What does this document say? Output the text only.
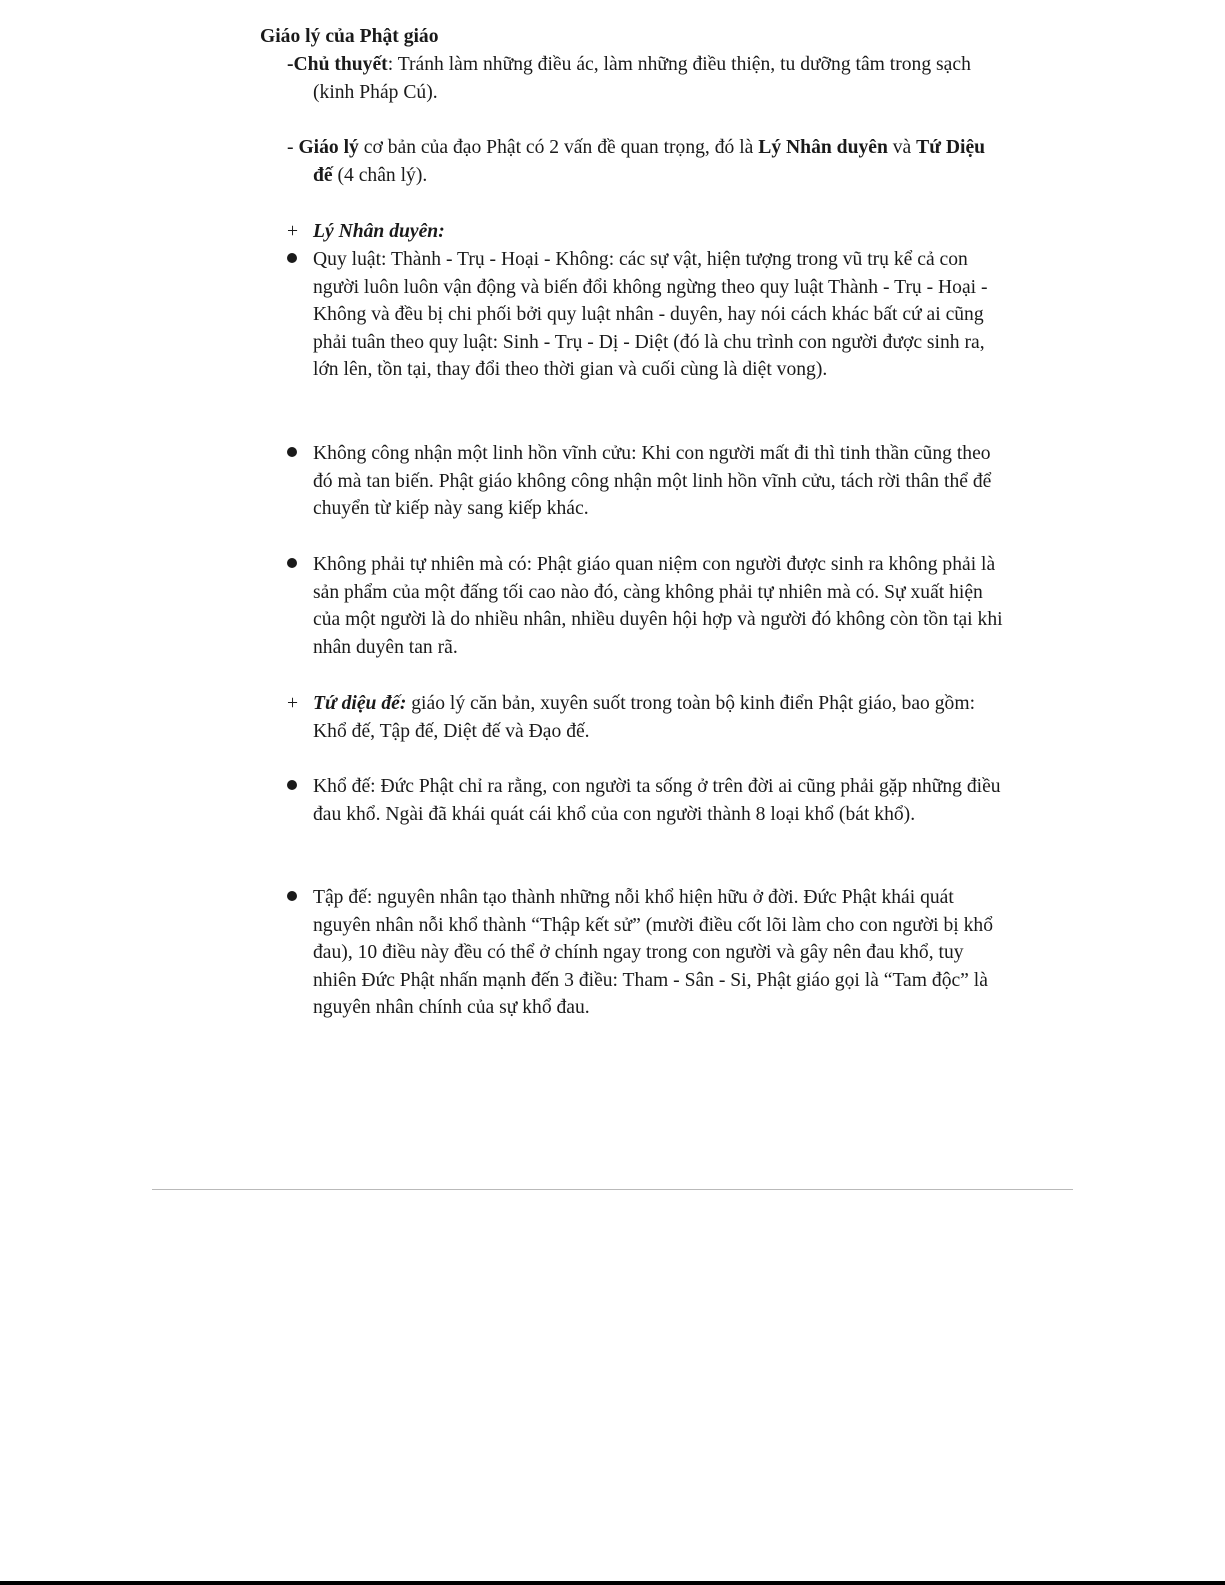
Giáo lý của Phật giáo
-Chủ thuyết: Tránh làm những điều ác, làm những điều thiện, tu dưỡng tâm trong sạch (kinh Pháp Cú).
- Giáo lý cơ bản của đạo Phật có 2 vấn đề quan trọng, đó là Lý Nhân duyên và Tứ Diệu đế (4 chân lý).
+ Lý Nhân duyên:
Quy luật: Thành - Trụ - Hoại - Không: các sự vật, hiện tượng trong vũ trụ kể cả con người luôn luôn vận động và biến đổi không ngừng theo quy luật Thành - Trụ - Hoại - Không và đều bị chi phối bởi quy luật nhân - duyên, hay nói cách khác bất cứ ai cũng phải tuân theo quy luật: Sinh - Trụ - Dị - Diệt (đó là chu trình con người được sinh ra, lớn lên, tồn tại, thay đổi theo thời gian và cuối cùng là diệt vong).
Không công nhận một linh hồn vĩnh cửu: Khi con người mất đi thì tinh thần cũng theo đó mà tan biến. Phật giáo không công nhận một linh hồn vĩnh cửu, tách rời thân thể để chuyển từ kiếp này sang kiếp khác.
Không phải tự nhiên mà có: Phật giáo quan niệm con người được sinh ra không phải là sản phẩm của một đấng tối cao nào đó, càng không phải tự nhiên mà có. Sự xuất hiện của một người là do nhiều nhân, nhiều duyên hội hợp và người đó không còn tồn tại khi nhân duyên tan rã.
+ Tứ diệu đế: giáo lý căn bản, xuyên suốt trong toàn bộ kinh điển Phật giáo, bao gồm: Khổ đế, Tập đế, Diệt đế và Đạo đế.
Khổ đế: Đức Phật chỉ ra rằng, con người ta sống ở trên đời ai cũng phải gặp những điều đau khổ. Ngài đã khái quát cái khổ của con người thành 8 loại khổ (bát khổ).
Tập đế: nguyên nhân tạo thành những nỗi khổ hiện hữu ở đời. Đức Phật khái quát nguyên nhân nỗi khổ thành “Thập kết sử” (mười điều cốt lõi làm cho con người bị khổ đau), 10 điều này đều có thể ở chính ngay trong con người và gây nên đau khổ, tuy nhiên Đức Phật nhấn mạnh đến 3 điều: Tham - Sân - Si, Phật giáo gọi là “Tam độc” là nguyên nhân chính của sự khổ đau.
